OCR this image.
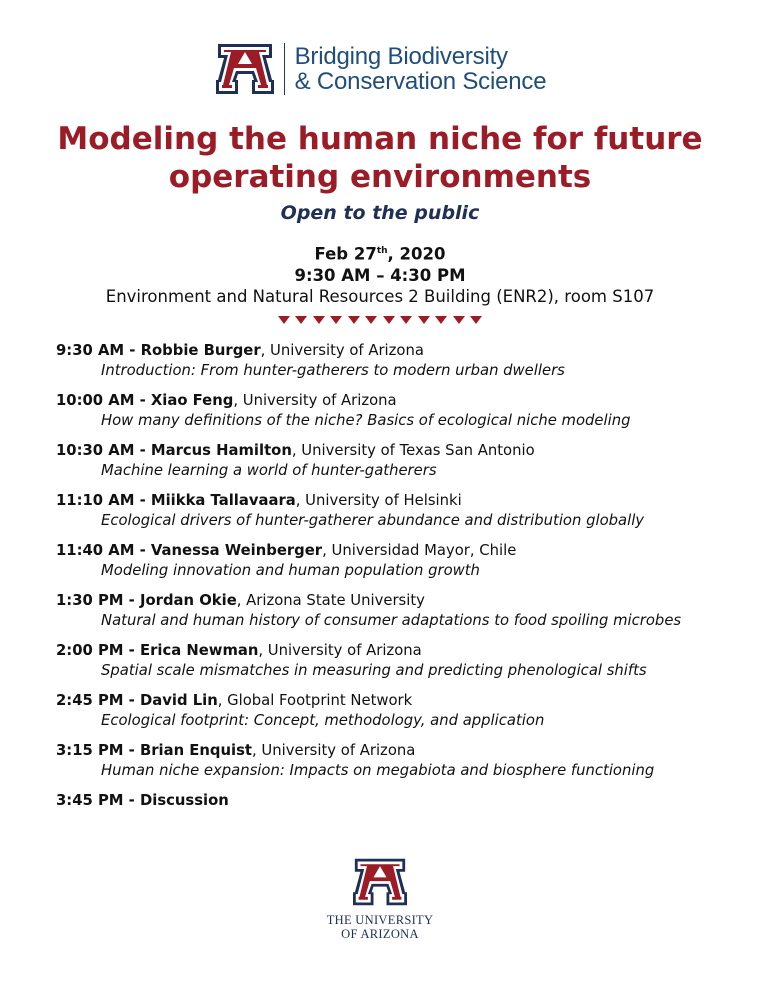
Bridging Biodiversity
& Conservation Science
Modeling the human niche for future
operating environments
Open to the public
Feb 27th, 2020
9:30 AM – 4:30 PM
Environment and Natural Resources 2 Building (ENR2), room S107
9:30 AM - Robbie Burger, University of Arizona
Introduction: From hunter-gatherers to modern urban dwellers
10:00 AM - Xiao Feng, University of Arizona
How many definitions of the niche? Basics of ecological niche modeling
10:30 AM - Marcus Hamilton, University of Texas San Antonio
Machine learning a world of hunter-gatherers
11:10 AM - Miikka Tallavaara, University of Helsinki
Ecological drivers of hunter-gatherer abundance and distribution globally
11:40 AM - Vanessa Weinberger, Universidad Mayor, Chile
Modeling innovation and human population growth
1:30 PM - Jordan Okie, Arizona State University
Natural and human history of consumer adaptations to food spoiling microbes
2:00 PM - Erica Newman, University of Arizona
Spatial scale mismatches in measuring and predicting phenological shifts
2:45 PM - David Lin, Global Footprint Network
Ecological footprint: Concept, methodology, and application
3:15 PM - Brian Enquist, University of Arizona
Human niche expansion: Impacts on megabiota and biosphere functioning
3:45 PM - Discussion
THE UNIVERSITY
OF ARIZONA
